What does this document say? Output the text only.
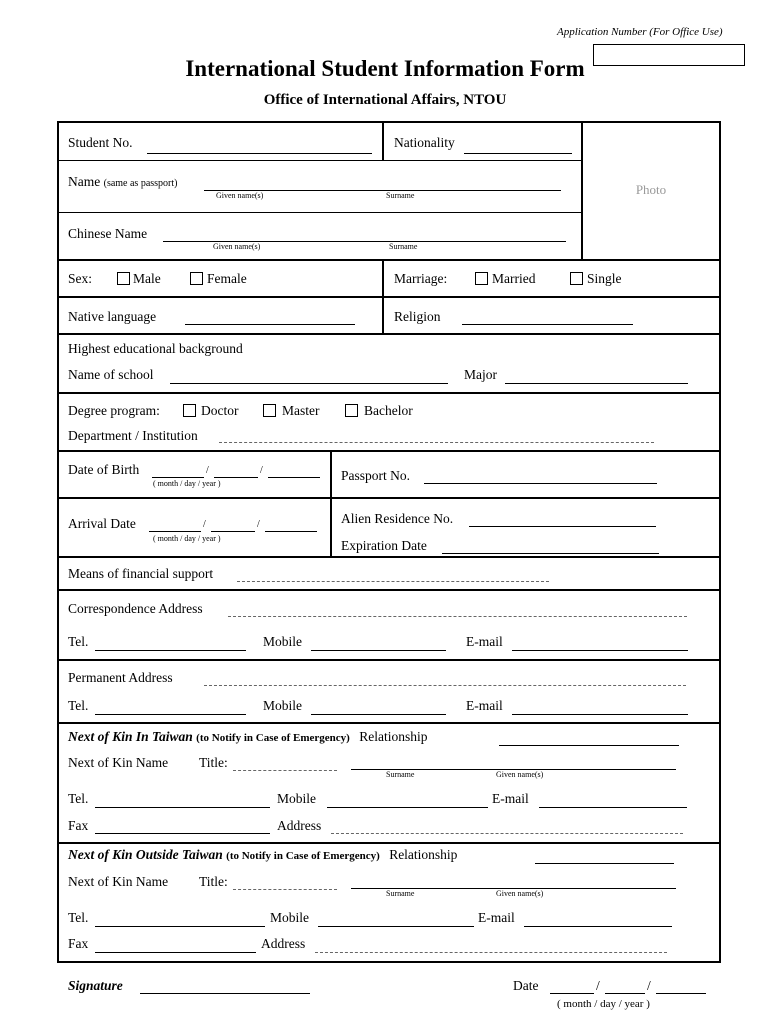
Application Number (For Office Use)
International Student Information Form
Office of International Affairs, NTOU
Student No.	Nationality
Photo
Name (same as passport)
Given name(s)	Surname
Chinese Name
Given name(s)	Surname
Sex:	Male	Female	Marriage:	Married	Single
Native language	Religion
Highest educational background
Name of school	Major
Degree program:	Doctor	Master	Bachelor
Department / Institution
Date of Birth	/	/
( month / day / year )
Passport No.
Arrival Date	/	/
( month / day / year )
Alien Residence No.
Expiration Date
Means of financial support
Correspondence Address
Tel.	Mobile	E-mail
Permanent Address
Tel.	Mobile	E-mail
Next of Kin In Taiwan (to Notify in Case of Emergency) Relationship
Next of Kin Name Title:
Surname	Given name(s)
Tel.	Mobile	E-mail
Fax	Address
Next of Kin Outside Taiwan (to Notify in Case of Emergency) Relationship
Next of Kin Name Title:
Surname	Given name(s)
Tel.	Mobile	E-mail
Fax	Address
Signature	Date	/	/
( month / day / year )
